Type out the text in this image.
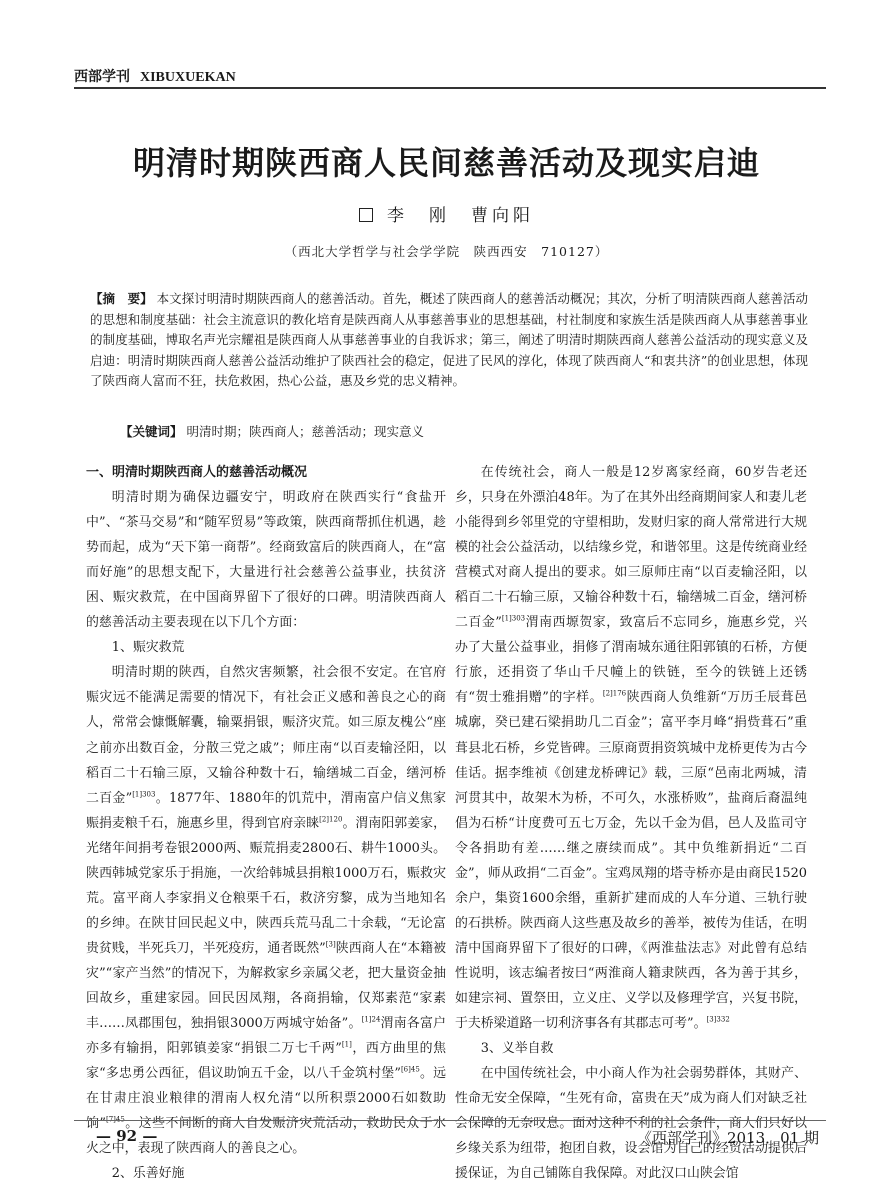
西部学刊 XIBUXUEKAN
明清时期陕西商人民间慈善活动及现实启迪
李　刚　曹向阳
（西北大学哲学与社会学学院　陕西西安　710127）
【摘　要】 本文探讨明清时期陕西商人的慈善活动。首先，概述了陕西商人的慈善活动概况；其次，分析了明清陕西商人慈善活动的思想和制度基础：社会主流意识的教化培育是陕西商人从事慈善事业的思想基础，村社制度和家族生活是陕西商人从事慈善事业的制度基础，博取名声光宗耀祖是陕西商人从事慈善事业的自我诉求；第三，阐述了明清时期陕西商人慈善公益活动的现实意义及启迪：明清时期陕西商人慈善公益活动维护了陕西社会的稳定，促进了民风的淳化，体现了陕西商人“和衷共济”的创业思想，体现了陕西商人富而不狂，扶危救困，热心公益，惠及乡党的忠义精神。
【关键词】 明清时期；陕西商人；慈善活动；现实意义

一、明清时期陕西商人的慈善活动概况

明清时期为确保边疆安宁，明政府在陕西实行“食盐开中”、“茶马交易”和“随军贸易”等政策，陕西商帮抓住机遇，趁势而起，成为“天下第一商帮”。经商致富后的陕西商人，在“富而好施”的思想支配下，大量进行社会慈善公益事业，扶贫济困、赈灾救荒，在中国商界留下了很好的口碑。明清陕西商人的慈善活动主要表现在以下几个方面：

1、赈灾救荒

明清时期的陕西，自然灾害频繁，社会很不安定。在官府赈灾远不能满足需要的情况下，有社会正义感和善良之心的商人，常常会慷慨解囊，输粟捐银，赈济灾荒。如三原友槐公“座之前亦出数百金，分散三党之戚”；师庄南“以百麦输泾阳，以稻百二十石输三原，又输谷种数十石，输缮城二百金，缮河桥二百金”$^{[1]303}$。1877年、1880年的饥荒中，渭南富户信义焦家赈捐麦粮千石，施惠乡里，得到官府亲睐$^{[2]120}$。渭南阳郭姜家，光绪年间捐考卷银2000两、赈荒捐麦2800石、耕牛1000头。陕西韩城党家乐于捐施，一次给韩城县捐粮1000万石，赈救灾荒。富平商人李家捐义仓粮栗千石，救济穷黎，成为当地知名的乡绅。在陕甘回民起义中，陕西兵荒马乱二十余载，“无论富贵贫贱，半死兵刀，半死疫疠，通者既然”[3]陕西商人在“本籍被灾”“家产当然”的情况下，为解救家乡亲属父老，把大量资金抽回故乡，重建家园。回民因凤翔，各商捐输，仅郑素范“家素丰……凤郡围包，独捐银3000万两城守始备”。$^{[1]24}$渭南各富户亦多有输捐，阳郭镇姜家“捐银二万七千两”[1]，西方曲里的焦家“多忠勇公西征，倡议助饷五千金，以八千金筑村堡”$^{[6]45}$。远在甘肃庄浪业粮律的渭南人权允清“以所积票2000石如数助饷”$^{[7]45}$。这些不间断的商人自发赈济灾荒活动，救助民众于水火之中，表现了陕西商人的善良之心。

2、乐善好施

在传统社会，商人一般是12岁离家经商，60岁告老还乡，只身在外漂泊48年。为了在其外出经商期间家人和妻儿老小能得到乡邻里党的守望相助，发财归家的商人常常进行大规模的社会公益活动，以结缘乡党，和谐邻里。这是传统商业经营模式对商人提出的要求。如三原师庄南“以百麦输泾阳，以稻百二十石输三原，又输谷种数十石，输缮城二百金，缮河桥二百金”$^{[1]303}$渭南西塬贺家，致富后不忘同乡，施惠乡党，兴办了大量公益事业，捐修了渭南城东通往阳郭镇的石桥，方便行旅，还捐资了华山千尺幢上的铁链，至今的铁链上还锈有“贺士雅捐赠”的字样。$^{[2]176}$陕西商人负维新“万历壬辰葺邑城廓，癸已建石梁捐助几二百金”；富平李月峰“捐赀葺石”重葺县北石桥，乡党皆碑。三原商贾捐资筑城中龙桥更传为古今佳话。据李维祯《创建龙桥碑记》载，三原“邑南北两城，清河贯其中，故架木为桥，不可久，水涨桥败”，盐商后裔温纯倡为石桥“计度费可五七万金，先以千金为倡，邑人及监司守令各捐助有差……继之赓续而成”。其中负维新捐近“二百金”，师从政捐“二百金”。宝鸡凤翔的塔寺桥亦是由商民1520余户，集资1600余缗，重新扩建而成的人车分道、三轨行驶的石拱桥。陕西商人这些惠及故乡的善举，被传为佳话，在明清中国商界留下了很好的口碑，《两淮盐法志》对此曾有总结性说明，该志编者按曰“两淮商人籍隶陕西，各为善于其乡，如建宗祠、置祭田，立义庄、义学以及修理学宫，兴复书院，于夫桥梁道路一切利济事各有其郡志可考”。$^{[3]332}$

3、义举自救

在中国传统社会，中小商人作为社会弱势群体，其财产、性命无安全保障，“生死有命，富贵在天”成为商人们对缺乏社会保障的无奈叹息。面对这种不利的社会条件，商人们只好以乡缘关系为纽带，抱团自救，设会馆为自己的经贸活动提供后援保证，为自己铺陈自我保障。对此汉口山陕会馆

— 92 —	《西部学刊》2013．01 期
